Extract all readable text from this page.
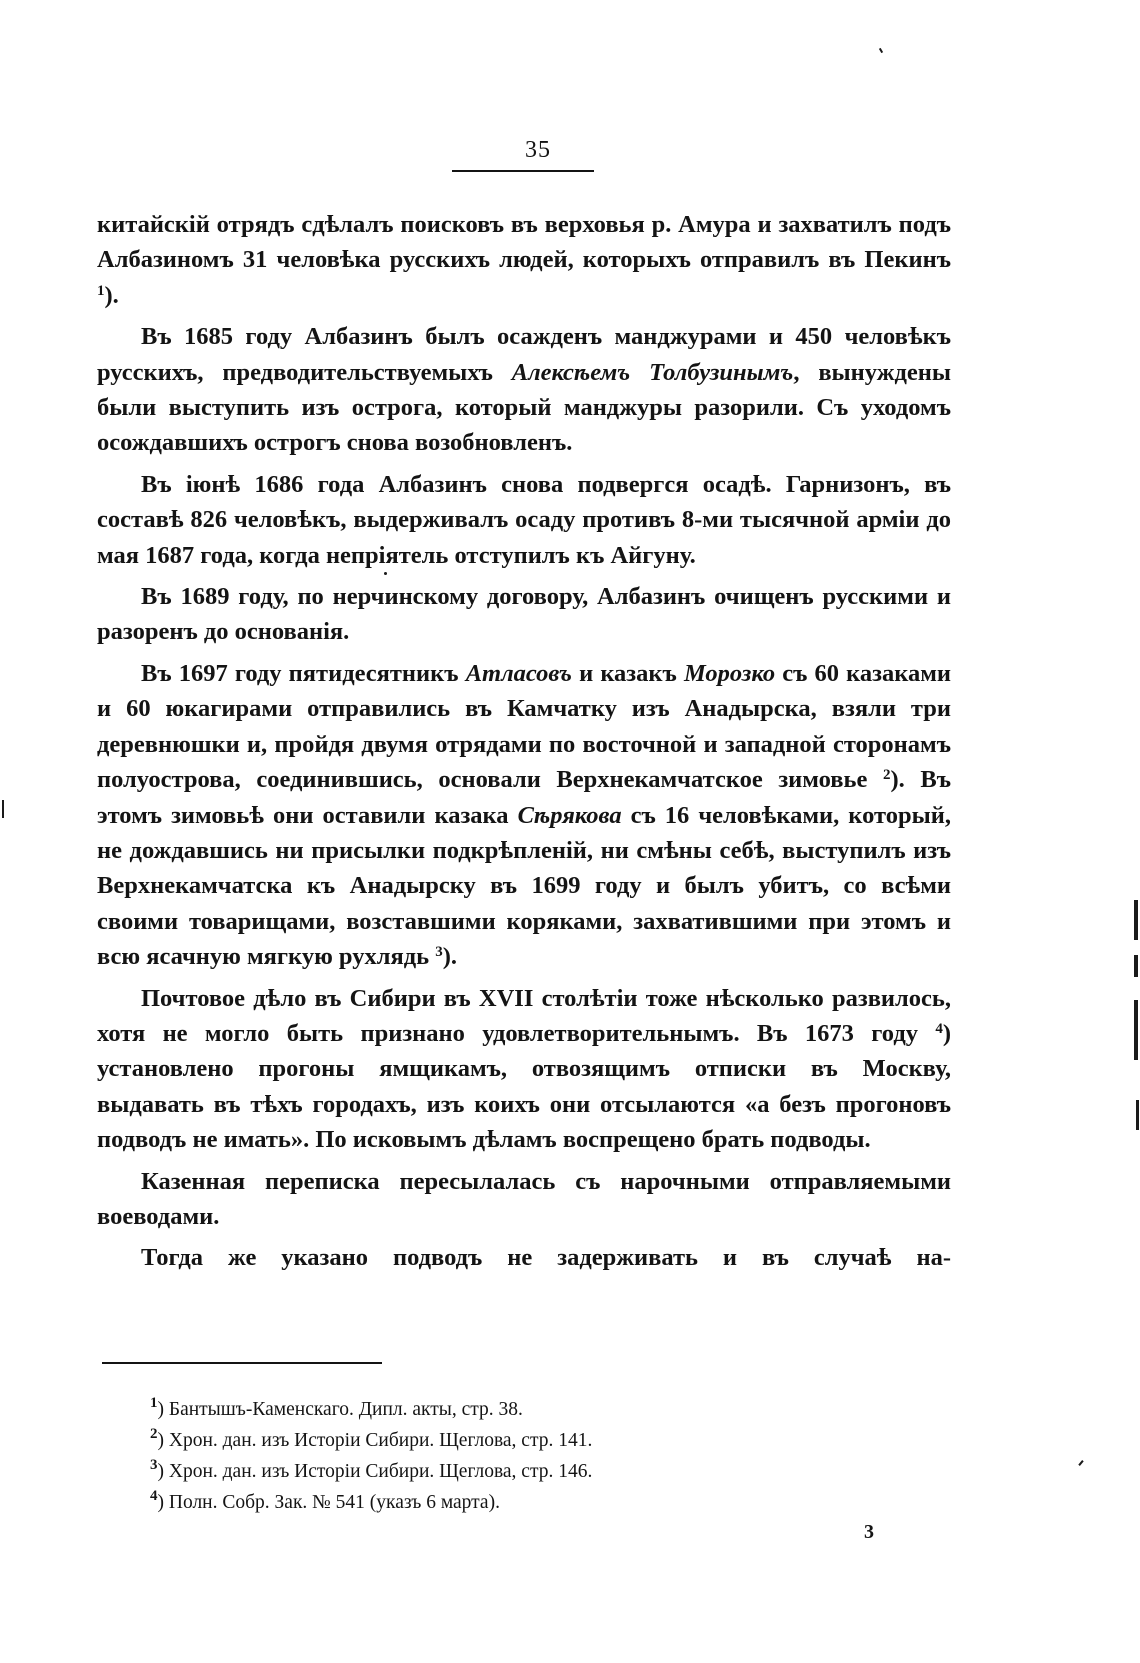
35

китайскій отрядъ сдѣлалъ поисковъ въ верховья р. Амура и захватилъ подъ Албазиномъ 31 человѣка русскихъ людей, которыхъ отправилъ въ Пекинъ $^1$).

Въ 1685 году Албазинъ былъ осажденъ манджурами и 450 человѣкъ русскихъ, предводительствуемыхъ Алексѣемъ Толбузинымъ, вынуждены были выступить изъ острога, который манджуры разорили. Съ уходомъ осождавшихъ острогъ снова возобновленъ.

Въ іюнѣ 1686 года Албазинъ снова подвергся осадѣ. Гарнизонъ, въ составѣ 826 человѣкъ, выдерживалъ осаду противъ 8-ми тысячной арміи до мая 1687 года, когда непріятель отступилъ къ Айгуну.

Въ 1689 году, по нерчинскому договору, Албазинъ очищенъ русскими и разоренъ до основанія.

Въ 1697 году пятидесятникъ Атласовъ и казакъ Морозко съ 60 казаками и 60 юкагирами отправились въ Камчатку изъ Анадырска, взяли три деревнюшки и, пройдя двумя отрядами по восточной и западной сторонамъ полуострова, соединившись, основали Верхнекамчатское зимовье $^2$). Въ этомъ зимовьѣ они оставили казака Сѣрякова съ 16 человѣками, который, не дождавшись ни присылки подкрѣпленій, ни смѣны себѣ, выступилъ изъ Верхнекамчатска къ Анадырску въ 1699 году и былъ убитъ, со всѣми своими товарищами, возставшими коряками, захватившими при этомъ и всю ясачную мягкую рухлядь $^3$).

Почтовое дѣло въ Сибири въ XVII столѣтіи тоже нѣсколько развилось, хотя не могло быть признано удовлетворительнымъ. Въ 1673 году $^4$) установлено прогоны ямщикамъ, отвозящимъ отписки въ Москву, выдавать въ тѣхъ городахъ, изъ коихъ они отсылаются «а безъ прогоновъ подводъ не имать». По исковымъ дѣламъ воспрещено брать подводы.

Казенная переписка пересылалась съ нарочными отправляемыми воеводами.

Тогда же указано подводъ не задерживать и въ случаѣ на-

$^1$) Бантышъ-Каменскаго. Дипл. акты, стр. 38.
$^2$) Хрон. дан. изъ Исторіи Сибири. Щеглова, стр. 141.
$^3$) Хрон. дан. изъ Исторіи Сибири. Щеглова, стр. 146.
$^4$) Полн. Собр. Зак. № 541 (указъ 6 марта).
3
